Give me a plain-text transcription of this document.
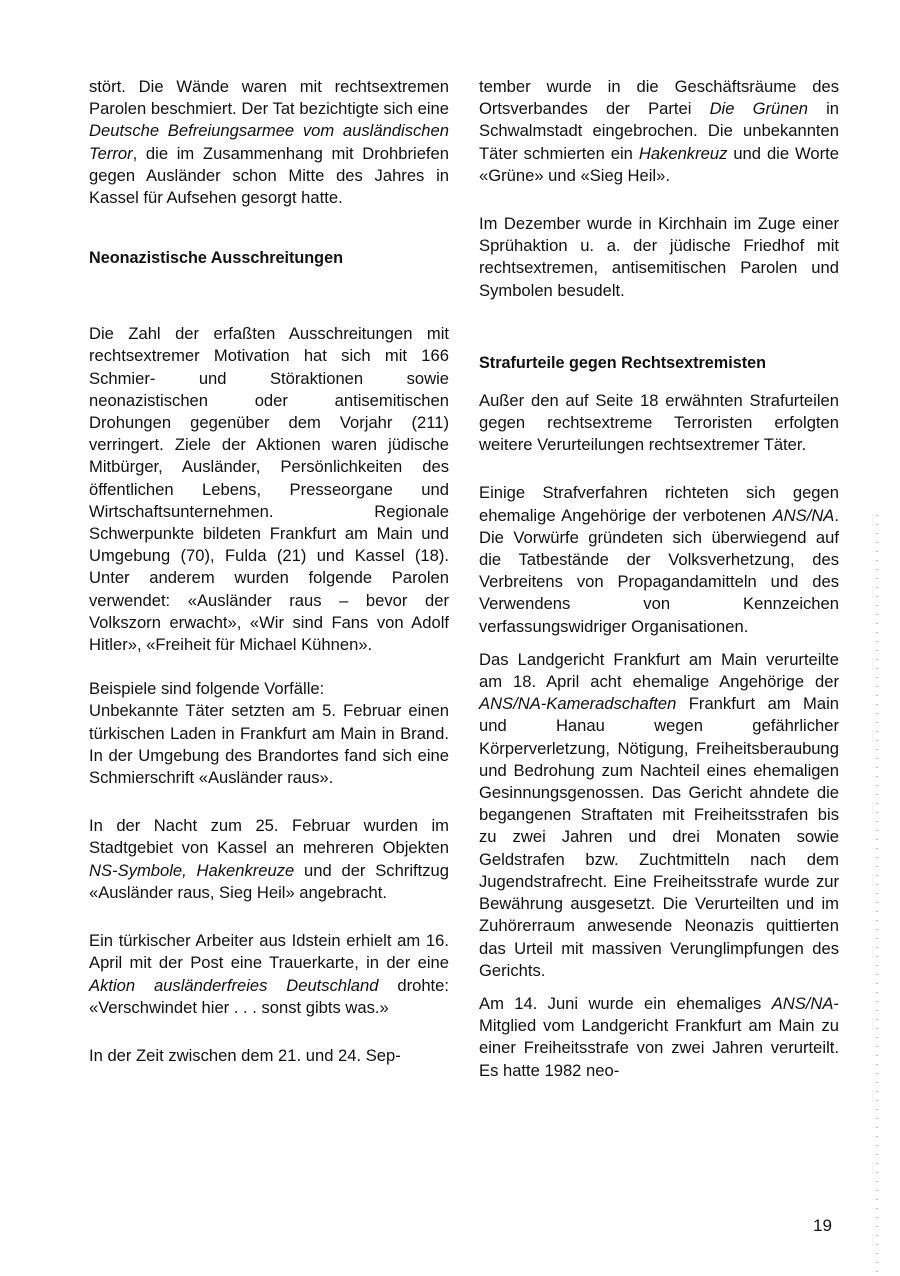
stört. Die Wände waren mit rechtsextremen Parolen beschmiert. Der Tat bezichtigte sich eine Deutsche Befreiungsarmee vom ausländischen Terror, die im Zusammenhang mit Drohbriefen gegen Ausländer schon Mitte des Jahres in Kassel für Aufsehen gesorgt hatte.

Neonazistische Ausschreitungen

Die Zahl der erfaßten Ausschreitungen mit rechtsextremer Motivation hat sich mit 166 Schmier- und Störaktionen sowie neonazistischen oder antisemitischen Drohungen gegenüber dem Vorjahr (211) verringert. Ziele der Aktionen waren jüdische Mitbürger, Ausländer, Persönlichkeiten des öffentlichen Lebens, Presseorgane und Wirtschaftsunternehmen. Regionale Schwerpunkte bildeten Frankfurt am Main und Umgebung (70), Fulda (21) und Kassel (18). Unter anderem wurden folgende Parolen verwendet: «Ausländer raus – bevor der Volkszorn erwacht», «Wir sind Fans von Adolf Hitler», «Freiheit für Michael Kühnen».

Beispiele sind folgende Vorfälle:

Unbekannte Täter setzten am 5. Februar einen türkischen Laden in Frankfurt am Main in Brand. In der Umgebung des Brandortes fand sich eine Schmierschrift «Ausländer raus».

In der Nacht zum 25. Februar wurden im Stadtgebiet von Kassel an mehreren Objekten NS-Symbole, Hakenkreuze und der Schriftzug «Ausländer raus, Sieg Heil» angebracht.

Ein türkischer Arbeiter aus Idstein erhielt am 16. April mit der Post eine Trauerkarte, in der eine Aktion ausländerfreies Deutschland drohte: «Verschwindet hier . . . sonst gibts was.»

In der Zeit zwischen dem 21. und 24. Sep-

tember wurde in die Geschäftsräume des Ortsverbandes der Partei Die Grünen in Schwalmstadt eingebrochen. Die unbekannten Täter schmierten ein Hakenkreuz und die Worte «Grüne» und «Sieg Heil».

Im Dezember wurde in Kirchhain im Zuge einer Sprühaktion u. a. der jüdische Friedhof mit rechtsextremen, antisemitischen Parolen und Symbolen besudelt.

Strafurteile gegen Rechtsextremisten

Außer den auf Seite 18 erwähnten Strafurteilen gegen rechtsextreme Terroristen erfolgten weitere Verurteilungen rechtsextremer Täter.

Einige Strafverfahren richteten sich gegen ehemalige Angehörige der verbotenen ANS/NA. Die Vorwürfe gründeten sich überwiegend auf die Tatbestände der Volksverhetzung, des Verbreitens von Propagandamitteln und des Verwendens von Kennzeichen verfassungswidriger Organisationen.

Das Landgericht Frankfurt am Main verurteilte am 18. April acht ehemalige Angehörige der ANS/NA-Kameradschaften Frankfurt am Main und Hanau wegen gefährlicher Körperverletzung, Nötigung, Freiheitsberaubung und Bedrohung zum Nachteil eines ehemaligen Gesinnungsgenossen. Das Gericht ahndete die begangenen Straftaten mit Freiheitsstrafen bis zu zwei Jahren und drei Monaten sowie Geldstrafen bzw. Zuchtmitteln nach dem Jugendstrafrecht. Eine Freiheitsstrafe wurde zur Bewährung ausgesetzt. Die Verurteilten und im Zuhörerraum anwesende Neonazis quittierten das Urteil mit massiven Verunglimpfungen des Gerichts.

Am 14. Juni wurde ein ehemaliges ANS/NA-Mitglied vom Landgericht Frankfurt am Main zu einer Freiheitsstrafe von zwei Jahren verurteilt. Es hatte 1982 neo-

19
